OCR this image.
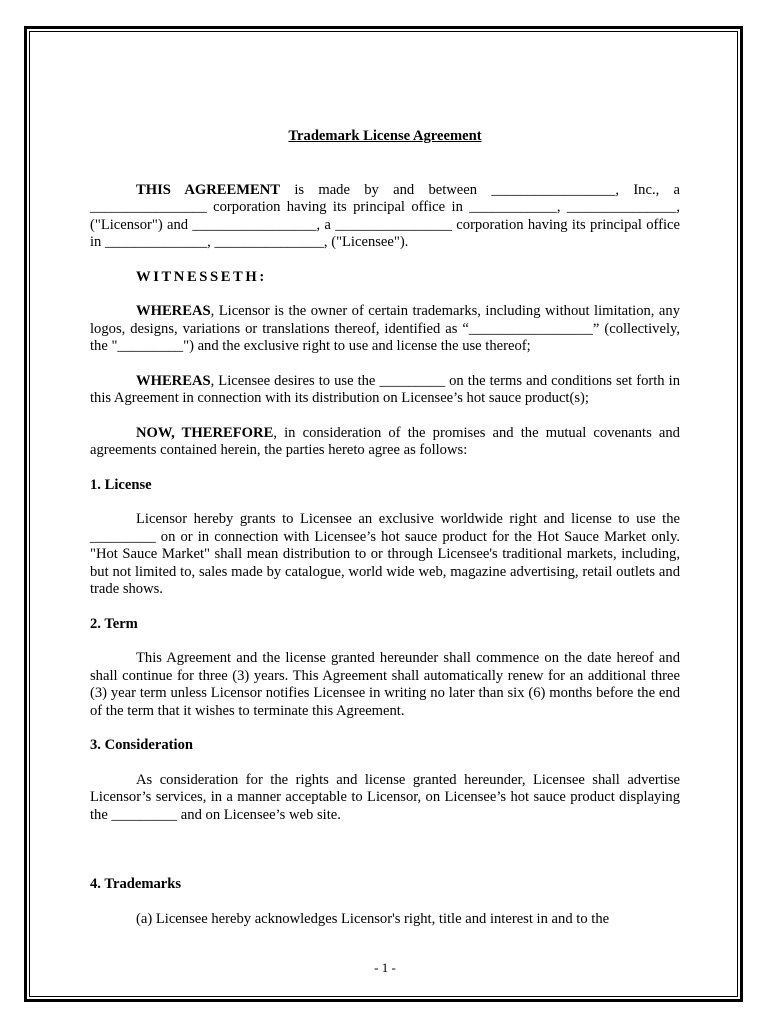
Trademark License Agreement

THIS AGREEMENT is made by and between _________________, Inc., a ________________ corporation having its principal office in ____________, _______________, ("Licensor") and _________________, a ________________ corporation having its principal office in ______________, _______________, ("Licensee").

WITNESSETH:

WHEREAS, Licensor is the owner of certain trademarks, including without limitation, any logos, designs, variations or translations thereof, identified as “_________________” (collectively, the "_________") and the exclusive right to use and license the use thereof;

WHEREAS, Licensee desires to use the _________ on the terms and conditions set forth in this Agreement in connection with its distribution on Licensee’s hot sauce product(s);

NOW, THEREFORE, in consideration of the promises and the mutual covenants and agreements contained herein, the parties hereto agree as follows:

1. License

Licensor hereby grants to Licensee an exclusive worldwide right and license to use the _________ on or in connection with Licensee’s hot sauce product for the Hot Sauce Market only. "Hot Sauce Market" shall mean distribution to or through Licensee's traditional markets, including, but not limited to, sales made by catalogue, world wide web, magazine advertising, retail outlets and trade shows.

2. Term

This Agreement and the license granted hereunder shall commence on the date hereof and shall continue for three (3) years. This Agreement shall automatically renew for an additional three (3) year term unless Licensor notifies Licensee in writing no later than six (6) months before the end of the term that it wishes to terminate this Agreement.

3. Consideration

As consideration for the rights and license granted hereunder, Licensee shall advertise Licensor’s services, in a manner acceptable to Licensor, on Licensee’s hot sauce product displaying the _________ and on Licensee’s web site.

4. Trademarks

(a) Licensee hereby acknowledges Licensor's right, title and interest in and to the

- 1 -
